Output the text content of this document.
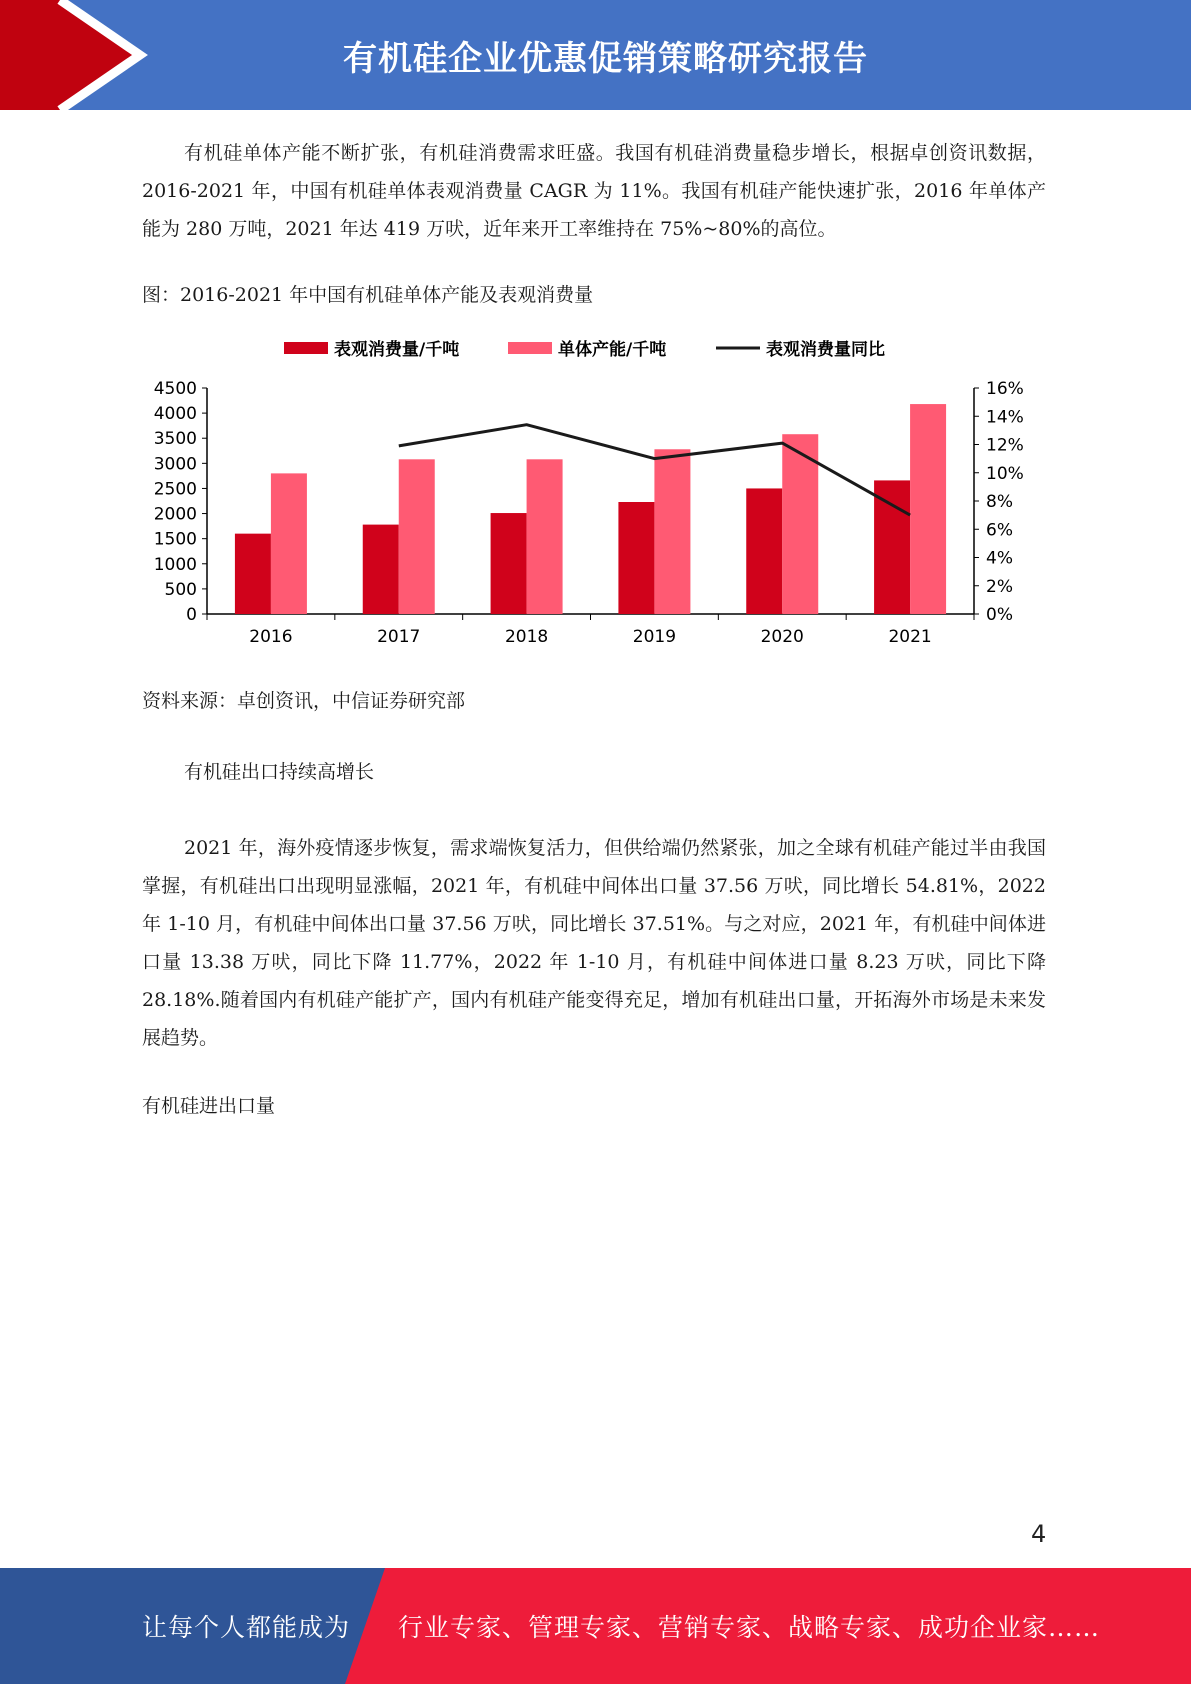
有机硅企业优惠促销策略研究报告
有机硅单体产能不断扩张，有机硅消费需求旺盛。我国有机硅消费量稳步增长，根据卓创资讯数据，2016-2021 年，中国有机硅单体表观消费量 CAGR 为 11%。我国有机硅产能快速扩张，2016 年单体产能为 280 万吨，2021 年达 419 万吠，近年来开工率维持在 75%~80%的高位。
图：2016-2021 年中国有机硅单体产能及表观消费量
表观消费量/千吨	单体产能/千吨	表观消费量同比
0
500
1000
1500
2000
2500
3000
3500
4000
4500
0%
2%
4%
6%
8%
10%
12%
14%
16%
2016	2017	2018	2019	2020	2021
资料来源：卓创资讯，中信证券研究部
有机硅出口持续高增长
2021 年，海外疫情逐步恢复，需求端恢复活力，但供给端仍然紧张，加之全球有机硅产能过半由我国掌握，有机硅出口出现明显涨幅，2021 年，有机硅中间体出口量 37.56 万吠，同比增长 54.81%，2022 年 1-10 月，有机硅中间体出口量 37.56 万吠，同比增长 37.51%。与之对应，2021 年，有机硅中间体进口量 13.38 万吠，同比下降 11.77%，2022 年 1-10 月，有机硅中间体进口量 8.23 万吠，同比下降 28.18%.随着国内有机硅产能扩产，国内有机硅产能变得充足，增加有机硅出口量，开拓海外市场是未来发展趋势。
有机硅进出口量
4
让每个人都能成为 行业专家、管理专家、营销专家、战略专家、成功企业家……
